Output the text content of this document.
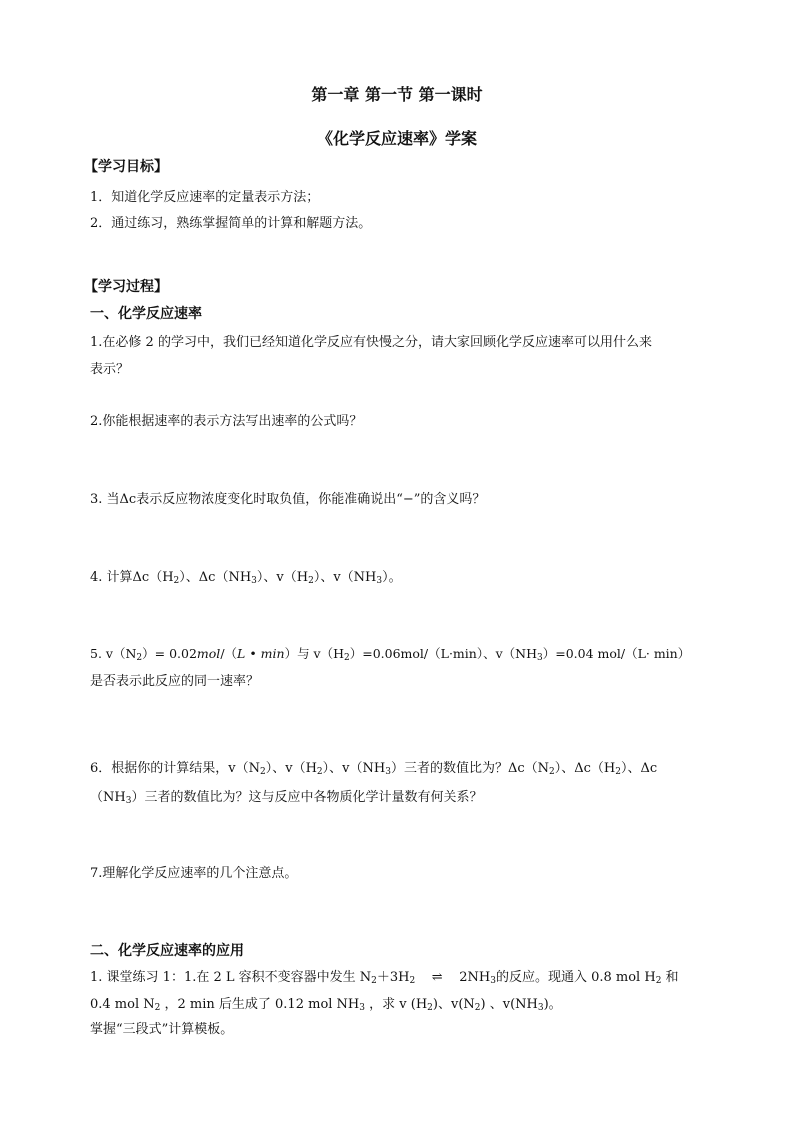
第一章 第一节 第一课时
《化学反应速率》学案
【学习目标】
1．知道化学反应速率的定量表示方法；
2．通过练习，熟练掌握简单的计算和解题方法。
【学习过程】
一、化学反应速率
1.在必修 2 的学习中，我们已经知道化学反应有快慢之分，请大家回顾化学反应速率可以用什么来
表示？
2.你能根据速率的表示方法写出速率的公式吗？
3. 当Δc表示反应物浓度变化时取负值，你能准确说出“−”的含义吗？
4. 计算$\Delta c(H_2)$、$\Delta c(NH_3)$、$v(H_2)$、$v(NH_3)$。
5. $v(N_2)= 0.02mol/(L$ • min）与 $v(H_2)=0.06mol/(L\cdot\min)$、$v(NH_3)=0.04$ mol/（L· min）
是否表示此反应的同一速率？
6．根据你的计算结果，$v(N_2)$、$v(H_2)$、$v(NH_3)$三者的数值比为？$\Delta c(N_2)$、$\Delta c(H_2)$、Δc
$(NH_3)$三者的数值比为？这与反应中各物质化学计量数有何关系？
7.理解化学反应速率的几个注意点。
二、化学反应速率的应用
1. 课堂练习 1：1.在 2 L 容积不变容器中发生 $N_2+3H_2$ ⇌ $2NH_3$的反应。现通入 0.8 mol $H_2$ 和
0.4 mol $N_2$ ，2 min 后生成了 0.12 mol $NH_3$ ，求 v $(H_2)$、$v(N_2)$ 、$v(NH_3)$。
掌握“三段式”计算模板。
